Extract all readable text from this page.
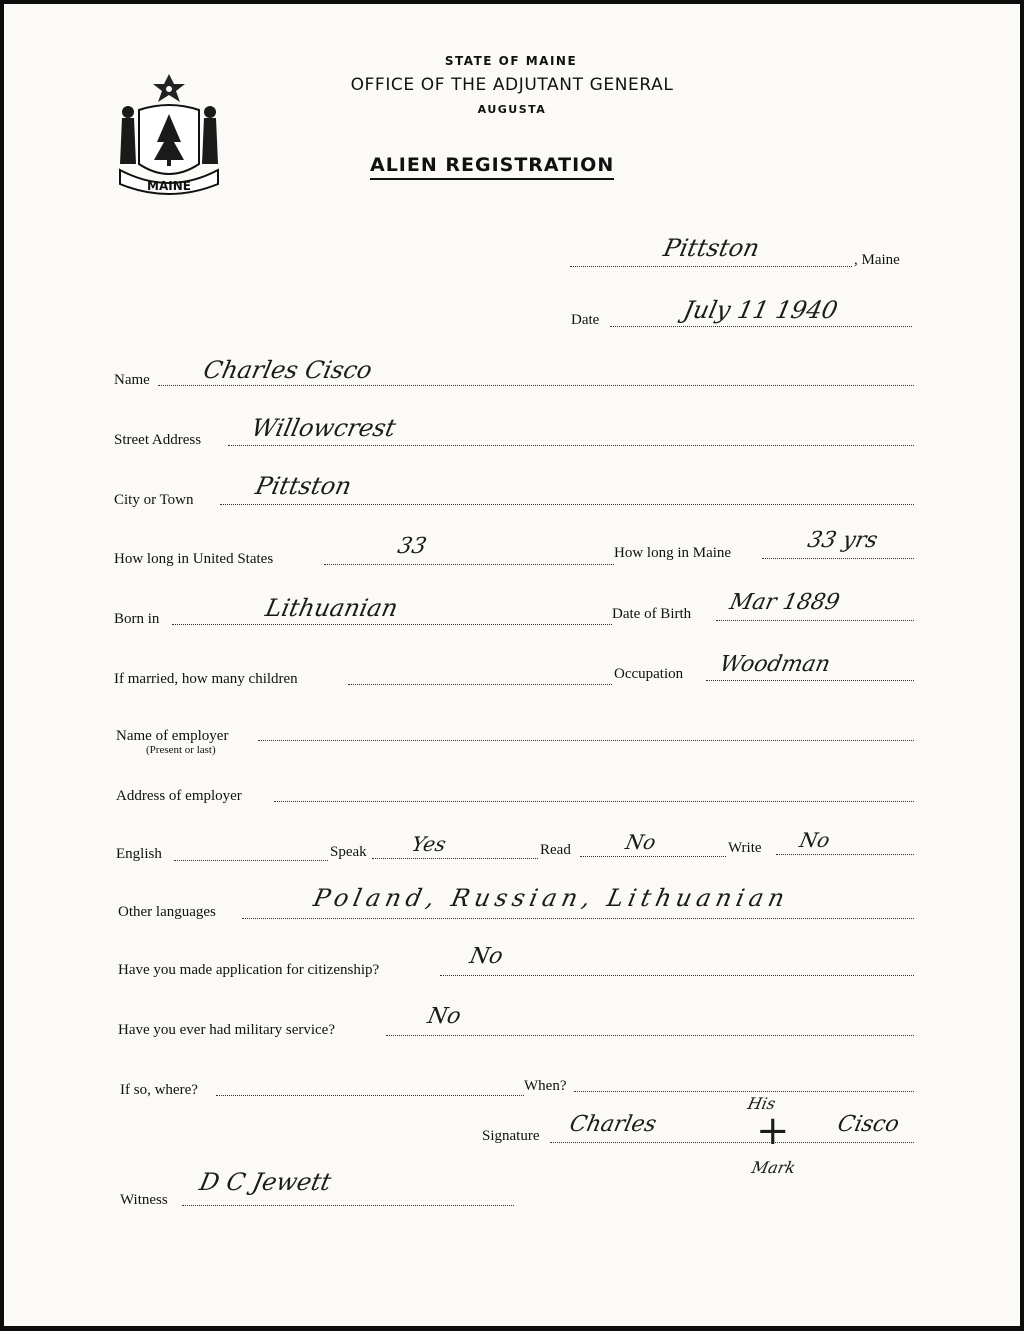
MAINE
STATE OF MAINE
OFFICE OF THE ADJUTANT GENERAL
AUGUSTA
ALIEN REGISTRATION
Pittston	, Maine
Date	July 11 1940
Name Charles Cisco
Street Address Willowcrest
City or Town Pittston
How long in United States	33	How long in Maine	33 yrs
Born in	Lithuanian	Date of Birth Mar 1889
If married, how many children	Occupation Woodman
Name of employer
(Present or last)
Address of employer
English	Speak Yes	Read	No	Write No
Other languages	Poland, Russian, Lithuanian
Have you made application for citizenship?
No
Have you ever had military service?
No
If so, where?	When?
Signature Charles
His
+
Mark
Cisco
Witness
D C Jewett
